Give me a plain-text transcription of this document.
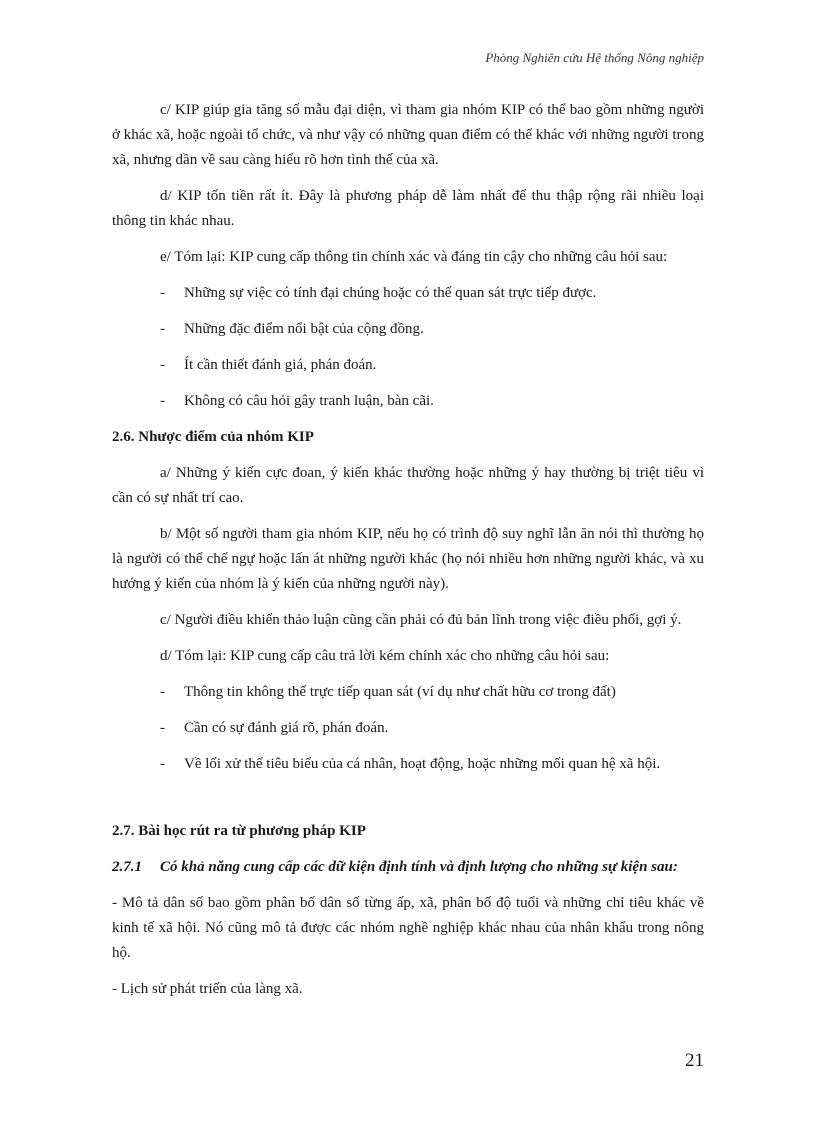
Phòng Nghiên cứu Hệ thống Nông nghiệp

c/ KIP giúp gia tăng số mẫu đại diện, vì tham gia nhóm KIP có thể bao gồm những người ở khác xã, hoặc ngoài tổ chức, và như vậy có những quan điểm có thể khác với những người trong xã, nhưng dần về sau càng hiểu rõ hơn tình thế của xã.

d/ KIP tốn tiền rất ít. Đây là phương pháp dễ làm nhất để thu thập rộng rãi nhiều loại thông tin khác nhau.

e/ Tóm lại: KIP cung cấp thông tin chính xác và đáng tin cậy cho những câu hỏi sau:

- Những sự việc có tính đại chúng hoặc có thể quan sát trực tiếp được.
- Những đặc điểm nổi bật của cộng đồng.
- Ít cần thiết đánh giá, phán đoán.
- Không có câu hỏi gây tranh luận, bàn cãi.

2.6. Nhược điểm của nhóm KIP

a/ Những ý kiến cực đoan, ý kiến khác thường hoặc những ý hay thường bị triệt tiêu vì cần có sự nhất trí cao.

b/ Một số người tham gia nhóm KIP, nếu họ có trình độ suy nghĩ lẫn ăn nói thì thường họ là người có thể chế ngự hoặc lấn át những người khác (họ nói nhiều hơn những người khác, và xu hướng ý kiến của nhóm là ý kiến của những người này).

c/ Người điều khiển thảo luận cũng cần phải có đủ bản lĩnh trong việc điều phối, gợi ý.

d/ Tóm lại: KIP cung cấp câu trả lời kém chính xác cho những câu hỏi sau:

- Thông tin không thể trực tiếp quan sát (ví dụ như chất hữu cơ trong đất)
- Cần có sự đánh giá rõ, phán đoán.
- Về lối xử thế tiêu biểu của cá nhân, hoạt động, hoặc những mối quan hệ xã hội.

2.7. Bài học rút ra từ phương pháp KIP

2.7.1 Có khả năng cung cấp các dữ kiện định tính và định lượng cho những sự kiện sau:

- Mô tả dân số bao gồm phân bố dân số từng ấp, xã, phân bố độ tuổi và những chỉ tiêu khác về kinh tế xã hội. Nó cũng mô tả được các nhóm nghề nghiệp khác nhau của nhân khẩu trong nông hộ.

- Lịch sử phát triển của làng xã.

21
